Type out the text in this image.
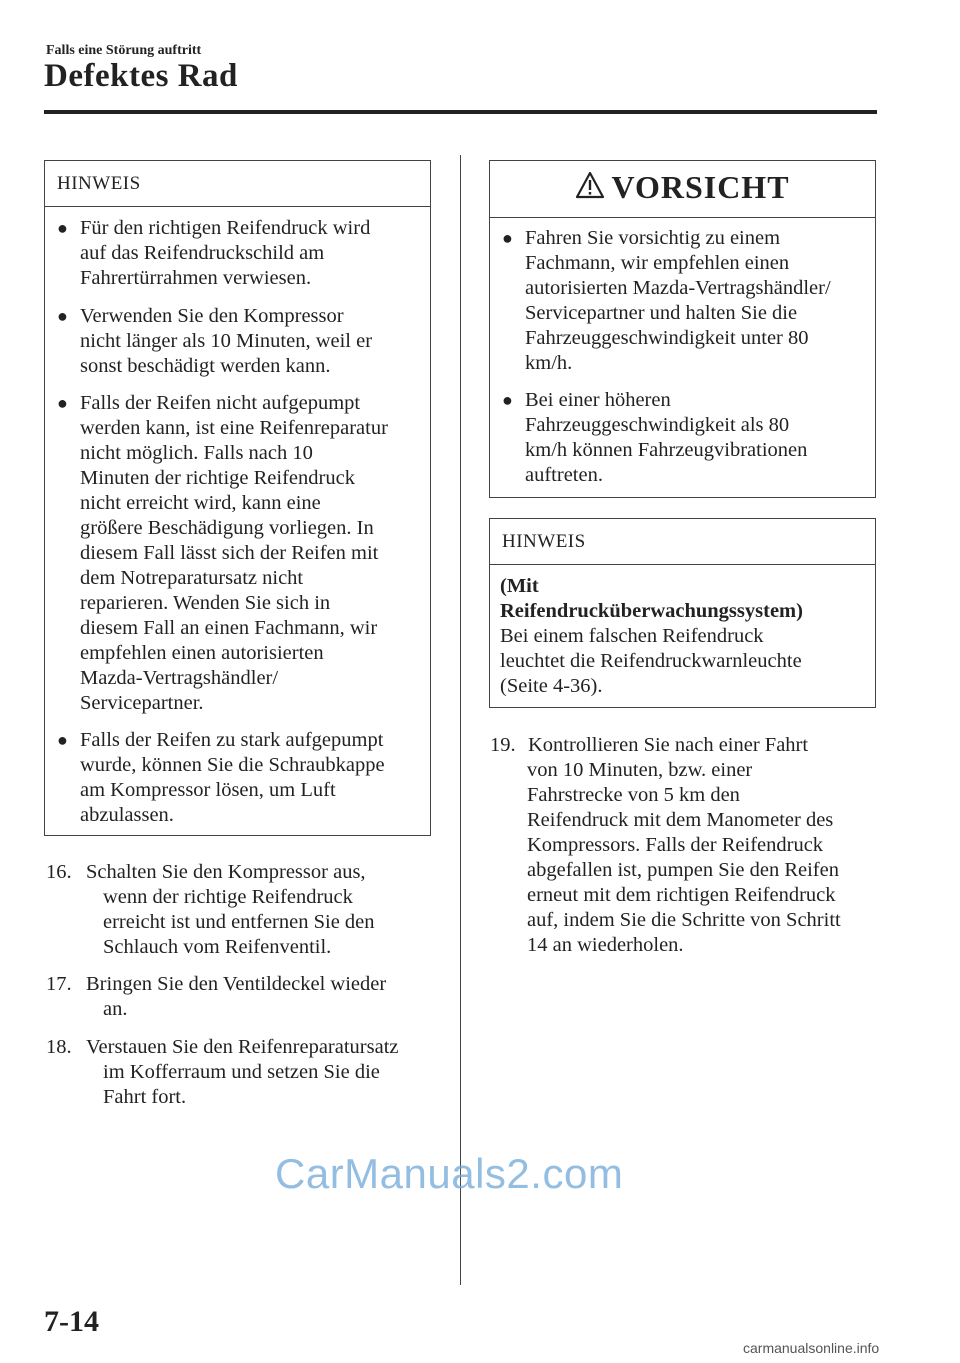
Falls eine Störung auftritt
Defektes Rad
HINWEIS
● Für den richtigen Reifendruck wird
auf das Reifendruckschild am
Fahrertürrahmen verwiesen.
● Verwenden Sie den Kompressor
nicht länger als 10 Minuten, weil er
sonst beschädigt werden kann.
● Falls der Reifen nicht aufgepumpt
werden kann, ist eine Reifenreparatur
nicht möglich. Falls nach 10
Minuten der richtige Reifendruck
nicht erreicht wird, kann eine
größere Beschädigung vorliegen. In
diesem Fall lässt sich der Reifen mit
dem Notreparatursatz nicht
reparieren. Wenden Sie sich in
diesem Fall an einen Fachmann, wir
empfehlen einen autorisierten
Mazda-Vertragshändler/
Servicepartner.
● Falls der Reifen zu stark aufgepumpt
wurde, können Sie die Schraubkappe
am Kompressor lösen, um Luft
abzulassen.
16. Schalten Sie den Kompressor aus,
wenn der richtige Reifendruck
erreicht ist und entfernen Sie den
Schlauch vom Reifenventil.
17. Bringen Sie den Ventildeckel wieder
an.
18. Verstauen Sie den Reifenreparatursatz
im Kofferraum und setzen Sie die
Fahrt fort.
VORSICHT
● Fahren Sie vorsichtig zu einem
Fachmann, wir empfehlen einen
autorisierten Mazda-Vertragshändler/
Servicepartner und halten Sie die
Fahrzeuggeschwindigkeit unter 80
km/h.
● Bei einer höheren
Fahrzeuggeschwindigkeit als 80
km/h können Fahrzeugvibrationen
auftreten.
HINWEIS
(Mit
Reifendrucküberwachungssystem)
Bei einem falschen Reifendruck
leuchtet die Reifendruckwarnleuchte
(Seite 4-36).
19. Kontrollieren Sie nach einer Fahrt
von 10 Minuten, bzw. einer
Fahrstrecke von 5 km den
Reifendruck mit dem Manometer des
Kompressors. Falls der Reifendruck
abgefallen ist, pumpen Sie den Reifen
erneut mit dem richtigen Reifendruck
auf, indem Sie die Schritte von Schritt
14 an wiederholen.
CarManuals2.com
7-14
carmanualsonline.info
